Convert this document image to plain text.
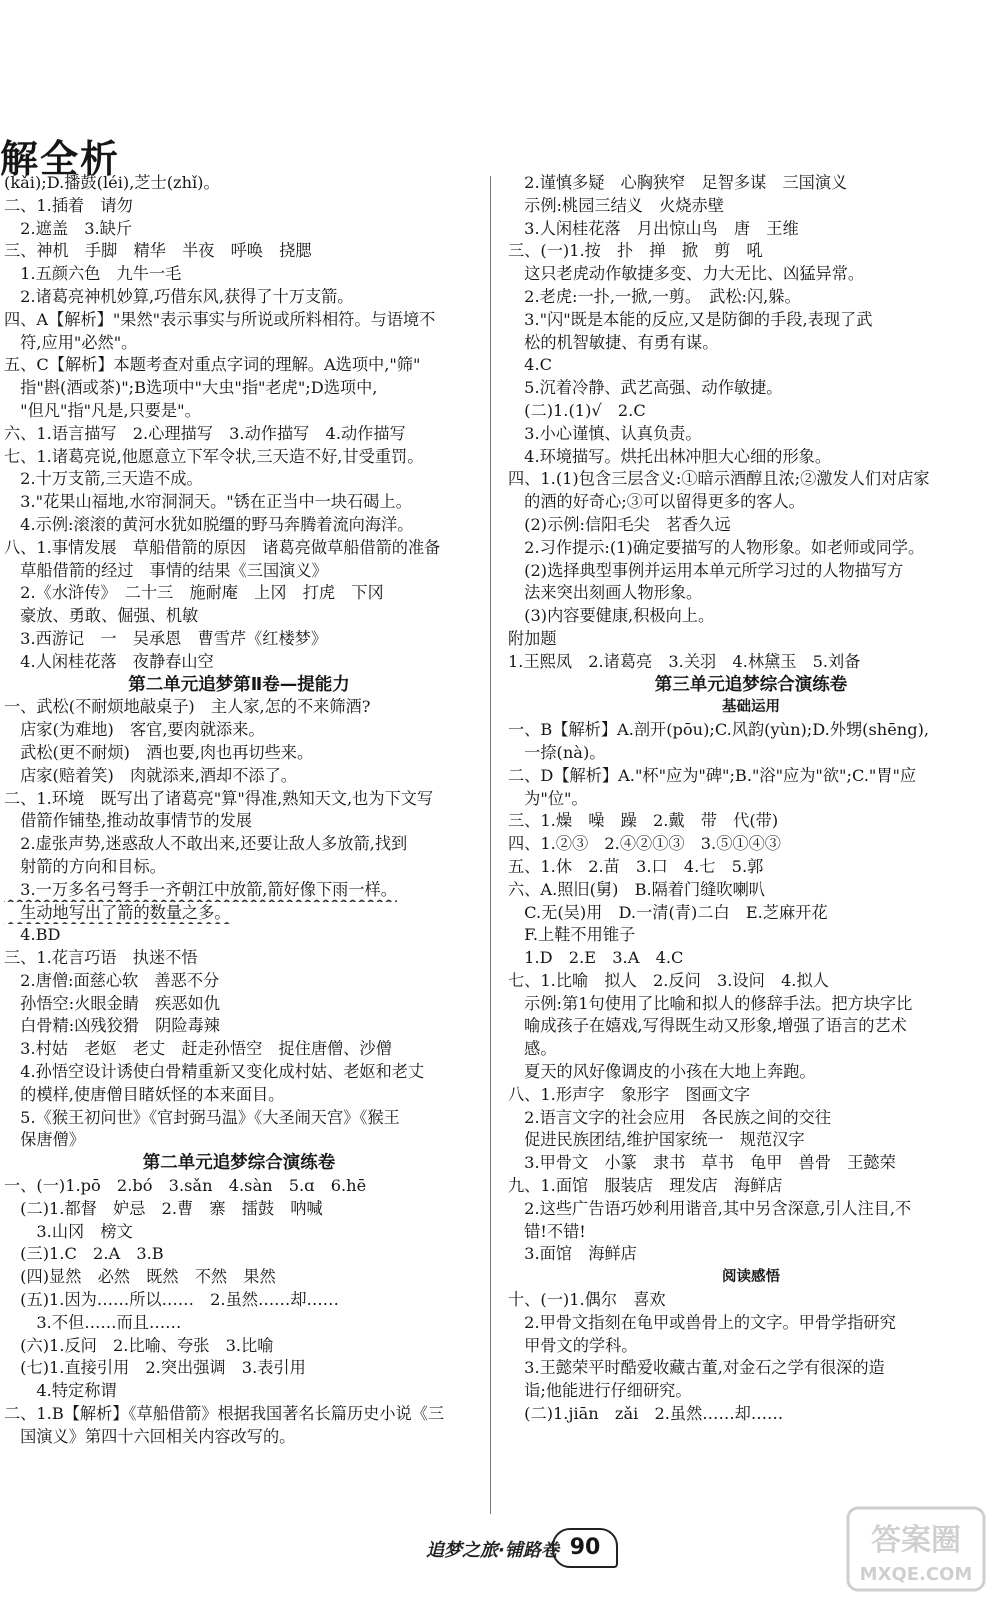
解全析
(kǎi);D.播鼓(léi),芝士(zhǐ)。
二、1.插着　请勿
　2.遮盖　3.缺斤
三、神机　手脚　精华　半夜　呼唤　挠腮
　1.五颜六色　九牛一毛
　2.诸葛亮神机妙算,巧借东风,获得了十万支箭。
四、A【解析】"果然"表示事实与所说或所料相符。与语境不
　符,应用"必然"。
五、C【解析】本题考查对重点字词的理解。A选项中,"筛"
　指"斟(酒或茶)";B选项中"大虫"指"老虎";D选项中,
　"但凡"指"凡是,只要是"。
六、1.语言描写　2.心理描写　3.动作描写　4.动作描写
七、1.诸葛亮说,他愿意立下军令状,三天造不好,甘受重罚。
　2.十万支箭,三天造不成。
　3."花果山福地,水帘洞洞天。"锈在正当中一块石碣上。
　4.示例:滚滚的黄河水犹如脱缰的野马奔腾着流向海洋。
八、1.事情发展　草船借箭的原因　诸葛亮做草船借箭的准备
　草船借箭的经过　事情的结果《三国演义》
　2.《水浒传》　二十三　施耐庵　上冈　打虎　下冈
　豪放、勇敢、倔强、机敏
　3.西游记　一　吴承恩　曹雪芹《红楼梦》
　4.人闲桂花落　夜静春山空
第二单元追梦第Ⅱ卷—提能力
一、武松(不耐烦地敲桌子)　主人家,怎的不来筛酒?
　店家(为难地)　客官,要肉就添来。
　武松(更不耐烦)　酒也要,肉也再切些来。
　店家(赔着笑)　肉就添来,酒却不添了。
二、1.环境　既写出了诸葛亮"算"得准,熟知天文,也为下文写
　借箭作铺垫,推动故事情节的发展
　2.虚张声势,迷惑敌人不敢出来,还要让敌人多放箭,找到
　射箭的方向和目标。
　3.一万多名弓弩手一齐朝江中放箭,箭好像下雨一样。
　生动地写出了箭的数量之多。
　4.BD
三、1.花言巧语　执迷不悟
　2.唐僧:面慈心软　善恶不分
　孙悟空:火眼金睛　疾恶如仇
　白骨精:凶残狡猾　阴险毒辣
　3.村姑　老妪　老丈　赶走孙悟空　捉住唐僧、沙僧
　4.孙悟空设计诱使白骨精重新又变化成村姑、老妪和老丈
　的模样,使唐僧目睹妖怪的本来面目。
　5.《猴王初问世》《官封弼马温》《大圣闹天宫》《猴王
　保唐僧》
第二单元追梦综合演练卷
一、(一)1.pō　2.bó　3.sǎn　4.sàn　5.ɑ　6.hē
　(二)1.都督　妒忌　2.曹　寨　擂鼓　呐喊
　　3.山冈　榜文
　(三)1.C　2.A　3.B
　(四)显然　必然　既然　不然　果然
　(五)1.因为……所以……　2.虽然……却……
　　3.不但……而且……
　(六)1.反问　2.比喻、夸张　3.比喻
　(七)1.直接引用　2.突出强调　3.表引用
　　4.特定称谓
二、1.B【解析】《草船借箭》根据我国著名长篇历史小说《三
　国演义》第四十六回相关内容改写的。
　2.谨慎多疑　心胸狭窄　足智多谋　三国演义
　示例:桃园三结义　火烧赤壁
　3.人闲桂花落　月出惊山鸟　唐　王维
三、(一)1.按　扑　掸　掀　剪　吼
　这只老虎动作敏捷多变、力大无比、凶猛异常。
　2.老虎:一扑,一掀,一剪。　武松:闪,躲。
　3."闪"既是本能的反应,又是防御的手段,表现了武
　松的机智敏捷、有勇有谋。
　4.C
　5.沉着冷静、武艺高强、动作敏捷。
　(二)1.(1)√　2.C
　3.小心谨慎、认真负责。
　4.环境描写。烘托出林冲胆大心细的形象。
四、1.(1)包含三层含义:①暗示酒醇且浓;②激发人们对店家
　的酒的好奇心;③可以留得更多的客人。
　(2)示例:信阳毛尖　茗香久远
　2.习作提示:(1)确定要描写的人物形象。如老师或同学。
　(2)选择典型事例并运用本单元所学习过的人物描写方
　法来突出刻画人物形象。
　(3)内容要健康,积极向上。
附加题
1.王熙凤　2.诸葛亮　3.关羽　4.林黛玉　5.刘备
第三单元追梦综合演练卷
基础运用
一、B【解析】A.剖开(pōu);C.风韵(yùn);D.外甥(shēng),
　一捺(nà)。
二、D【解析】A."杯"应为"碑";B."浴"应为"欲";C."胃"应
　为"位"。
三、1.燥　噪　躁　2.戴　带　代(带)
四、1.②③　2.④②①③　3.⑤①④③
五、1.休　2.苗　3.口　4.七　5.郭
六、A.照旧(舅)　B.隔着门缝吹喇叭
　C.无(吴)用　D.一清(青)二白　E.芝麻开花
　F.上鞋不用锥子
　1.D　2.E　3.A　4.C
七、1.比喻　拟人　2.反问　3.设问　4.拟人
　示例:第1句使用了比喻和拟人的修辞手法。把方块字比
　喻成孩子在嬉戏,写得既生动又形象,增强了语言的艺术
　感。
　夏天的风好像调皮的小孩在大地上奔跑。
八、1.形声字　象形字　图画文字
　2.语言文字的社会应用　各民族之间的交往
　促进民族团结,维护国家统一　规范汉字
　3.甲骨文　小篆　隶书　草书　龟甲　兽骨　王懿荣
九、1.面馆　服装店　理发店　海鲜店
　2.这些广告语巧妙利用谐音,其中另含深意,引人注目,不
　错!不错!
　3.面馆　海鲜店
阅读感悟
十、(一)1.偶尔　喜欢
　2.甲骨文指刻在龟甲或兽骨上的文字。甲骨学指研究
　甲骨文的学科。
　3.王懿荣平时酷爱收藏古董,对金石之学有很深的造
　诣;他能进行仔细研究。
　(二)1.jiān　zǎi　2.虽然……却……
追梦之旅·铺路卷 90	答案圈
MXQE.COM
